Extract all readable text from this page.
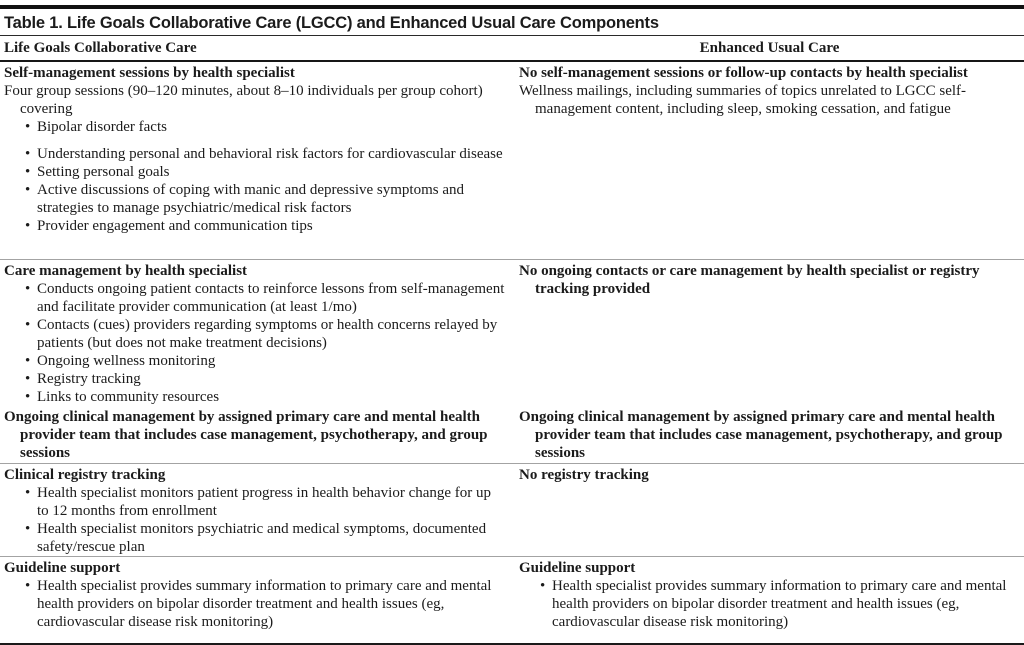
Table 1. Life Goals Collaborative Care (LGCC) and Enhanced Usual Care Components
Life Goals Collaborative Care	Enhanced Usual Care

Self-management sessions by health specialist

Four group sessions (90–120 minutes, about 8–10 individuals per group cohort) covering

• Bipolar disorder facts
• Understanding personal and behavioral risk factors for cardiovascular disease
• Setting personal goals
• Active discussions of coping with manic and depressive symptoms and strategies to manage psychiatric/medical risk factors
• Provider engagement and communication tips

No self-management sessions or follow-up contacts by health specialist

Wellness mailings, including summaries of topics unrelated to LGCC self-management content, including sleep, smoking cessation, and fatigue

Care management by health specialist

• Conducts ongoing patient contacts to reinforce lessons from self-management and facilitate provider communication (at least 1/mo)
• Contacts (cues) providers regarding symptoms or health concerns relayed by patients (but does not make treatment decisions)
• Ongoing wellness monitoring
• Registry tracking
• Links to community resources

No ongoing contacts or care management by health specialist or registry tracking provided

Ongoing clinical management by assigned primary care and mental health provider team that includes case management, psychotherapy, and group sessions

Ongoing clinical management by assigned primary care and mental health provider team that includes case management, psychotherapy, and group sessions

Clinical registry tracking

• Health specialist monitors patient progress in health behavior change for up to 12 months from enrollment
• Health specialist monitors psychiatric and medical symptoms, documented safety/rescue plan

No registry tracking

Guideline support

• Health specialist provides summary information to primary care and mental health providers on bipolar disorder treatment and health issues (eg, cardiovascular disease risk monitoring)

Guideline support

• Health specialist provides summary information to primary care and mental health providers on bipolar disorder treatment and health issues (eg, cardiovascular disease risk monitoring)
